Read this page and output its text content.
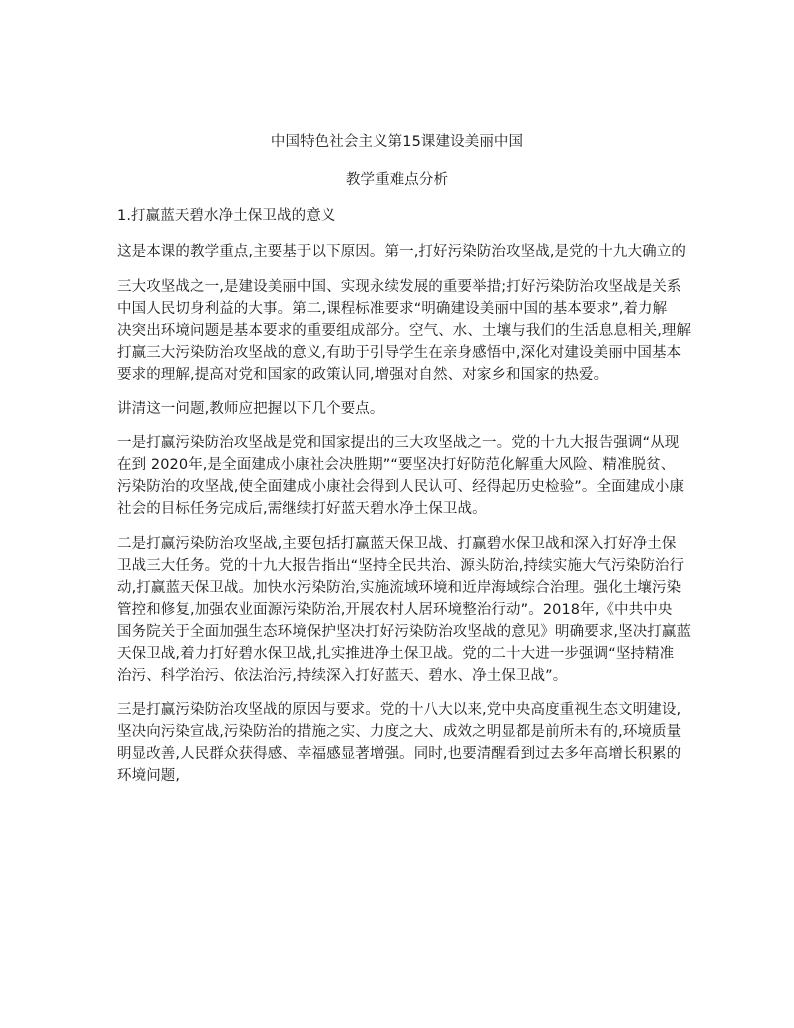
中国特色社会主义第15课建设美丽中国
教学重难点分析
1.打赢蓝天碧水净土保卫战的意义
这是本课的教学重点,主要基于以下原因。第一,打好污染防治攻坚战,是党的十九大确立的
三大攻坚战之一,是建设美丽中国、实现永续发展的重要举措;打好污染防治攻坚战是关系
中国人民切身利益的大事。第二,课程标准要求“明确建设美丽中国的基本要求”,着力解
决突出环境问题是基本要求的重要组成部分。空气、水、土壤与我们的生活息息相关,理解
打赢三大污染防治攻坚战的意义,有助于引导学生在亲身感悟中,深化对建设美丽中国基本
要求的理解,提高对党和国家的政策认同,增强对自然、对家乡和国家的热爱。
讲清这一问题,教师应把握以下几个要点。
一是打赢污染防治攻坚战是党和国家提出的三大攻坚战之一。党的十九大报告强调“从现
在到 2020年,是全面建成小康社会决胜期”“要坚决打好防范化解重大风险、精准脱贫、
污染防治的攻坚战,使全面建成小康社会得到人民认可、经得起历史检验”。全面建成小康
社会的目标任务完成后,需继续打好蓝天碧水净土保卫战。
二是打赢污染防治攻坚战,主要包括打赢蓝天保卫战、打赢碧水保卫战和深入打好净土保
卫战三大任务。党的十九大报告指出“坚持全民共治、源头防治,持续实施大气污染防治行
动,打赢蓝天保卫战。加快水污染防治,实施流域环境和近岸海域综合治理。强化土壤污染
管控和修复,加强农业面源污染防治,开展农村人居环境整治行动”。2018年,《中共中央
国务院关于全面加强生态环境保护坚决打好污染防治攻坚战的意见》明确要求,坚决打赢蓝
天保卫战,着力打好碧水保卫战,扎实推进净土保卫战。党的二十大进一步强调“坚持精准
治污、科学治污、依法治污,持续深入打好蓝天、碧水、净土保卫战”。
三是打赢污染防治攻坚战的原因与要求。党的十八大以来,党中央高度重视生态文明建设,
坚决向污染宣战,污染防治的措施之实、力度之大、成效之明显都是前所未有的,环境质量
明显改善,人民群众获得感、幸福感显著增强。同时,也要清醒看到过去多年高增长积累的
环境问题,
